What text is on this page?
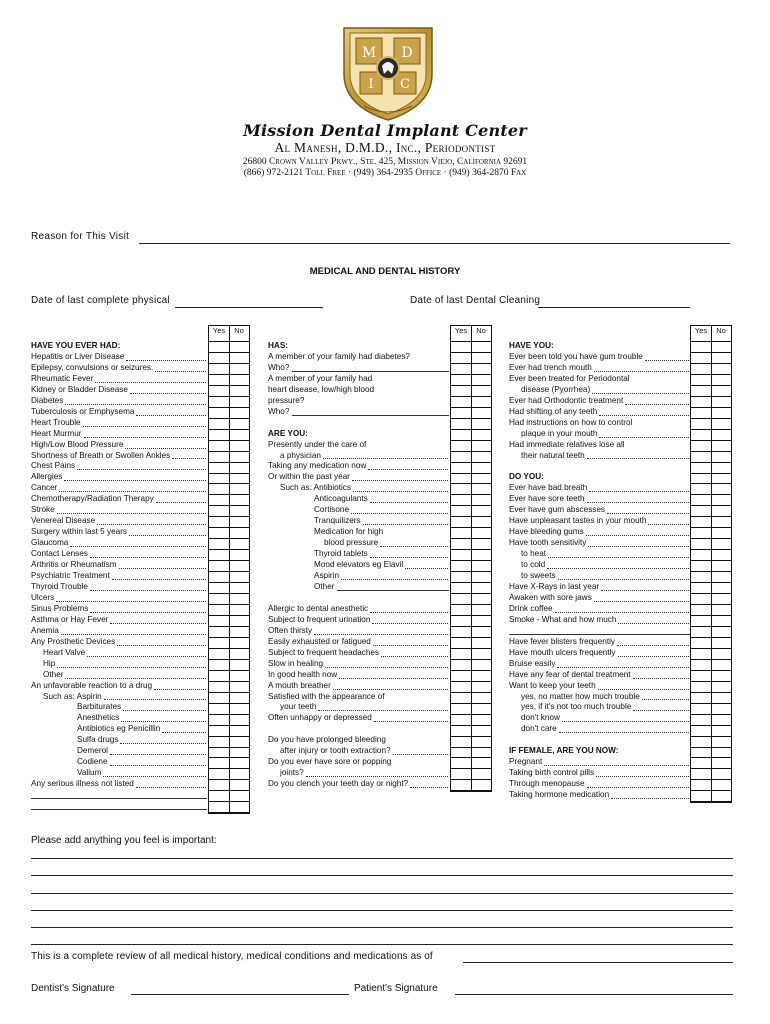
M D
I C
Mission Dental Implant Center
Al Manesh, D.M.D., Inc., Periodontist
26800 Crown Valley Pkwy., Ste. 425, Mission Viejo, California 92691
(866) 972-2121 Toll Free · (949) 364-2935 Office · (949) 364-2870 Fax
Reason for This Visit
MEDICAL AND DENTAL HISTORY
Date of last complete physical	Date of last Dental Cleaning
HAVE YOU EVER HAD:
Hepatitis or Liver Disease
Epilepsy, convulsions or seizures.
Rheumatic Fever
Kidney or Bladder Disease
Diabetes
Tuberculosis or Emphysema
Heart Trouble
Heart Murmur
High/Low Blood Pressure
Shortness of Breath or Swollen Ankles
Chest Pains
Allergies
Cancer
Chemotherapy/Radiation Therapy
Stroke
Venereal Disease
Surgery within last 5 years
Glaucoma
Contact Lenses
Arthritis or Rheumatism
Psychiatric Treatment
Thyroid Trouble
Ulcers
Sinus Problems
Asthma or Hay Fever
Anemia
Any Prosthetic Devices
Heart Valve
Hip
Other
An unfavorable reaction to a drug
Such as: Aspirin
Barbiturates
Anesthetics
Antibiotics eg Penicillin
Sulfa drugs
Demerol
Codiene
Valium
Any serious illness not listed
Yes	No
HAS:
A member of your family had diabetes?
Who?
A member of your family had
heart disease, low/high blood
pressure?
Who?
ARE YOU:
Presently under the care of
a physician
Taking any medication now
Or within the past year
Such as: Antibiotics
Anticoagulants
Cortisone
Tranquilizers
Medication for high
blood pressure
Thyroid tablets
Mood elevators eg Elavil
Aspirin
Other
Allergic to dental anesthetic
Subject to frequent urination
Often thirsty
Easily exhausted or fatigued
Subject to frequent headaches
Slow in healing
In good health now
A mouth breather
Satisfied with the appearance of
your teeth
Often unhappy or depressed
Do you have prolonged bleeding
after injury or tooth extraction?
Do you ever have sore or popping
joints?
Do you clench your teeth day or night?
Yes	No
HAVE YOU:
Ever been told you have gum trouble
Ever had trench mouth
Ever been treated for Periodontal
disease (Pyorrhea)
Ever had Orthodontic treatment
Had shifting of any teeth
Had instructions on how to control
plaque in your mouth
Had immediate relatives lose all
their natural teeth
DO YOU:
Ever have bad breath
Ever have sore teeth
Ever have gum abscesses
Have unpleasant tastes in your mouth
Have bleeding gums
Have tooth sensitivity
to heat
to cold
to sweets
Have X-Rays in last year
Awaken with sore jaws
Drink coffee
Smoke - What and how much
Have fever blisters frequently
Have mouth ulcers frequently
Bruise easily
Have any fear of dental treatment
Want to keep your teeth
yes, no matter how much trouble
yes, if it's not too much trouble
don't know
don't care
IF FEMALE, ARE YOU NOW:
Pregnant
Taking birth control pills
Through menopause
Taking hormone medication
Yes	No
Please add anything you feel is important:
This is a complete review of all medical history, medical conditions and medications as of
Dentist's Signature	Patient's Signature
